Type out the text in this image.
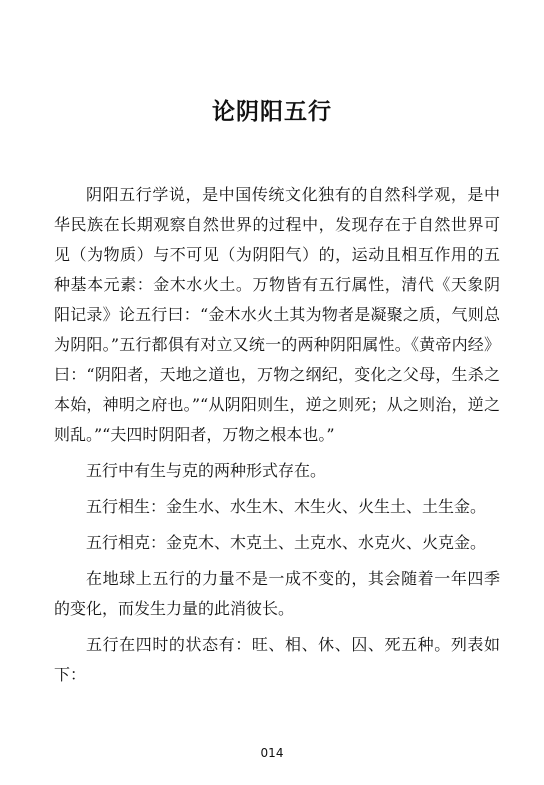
论阴阳五行

阴阳五行学说，是中国传统文化独有的自然科学观，是中华民族在长期观察自然世界的过程中，发现存在于自然世界可见（为物质）与不可见（为阴阳气）的，运动且相互作用的五种基本元素：金木水火土。万物皆有五行属性，清代《天象阴阳记录》论五行曰：“金木水火土其为物者是凝聚之质，气则总为阴阳。”五行都俱有对立又统一的两种阴阳属性。《黄帝内经》曰：“阴阳者，天地之道也，万物之纲纪，变化之父母，生杀之本始，神明之府也。”“从阴阳则生，逆之则死；从之则治，逆之则乱。”“夫四时阴阳者，万物之根本也。”

五行中有生与克的两种形式存在。

五行相生：金生水、水生木、木生火、火生土、土生金。

五行相克：金克木、木克土、土克水、水克火、火克金。

在地球上五行的力量不是一成不变的，其会随着一年四季的变化，而发生力量的此消彼长。

五行在四时的状态有：旺、相、休、囚、死五种。列表如下：

014
